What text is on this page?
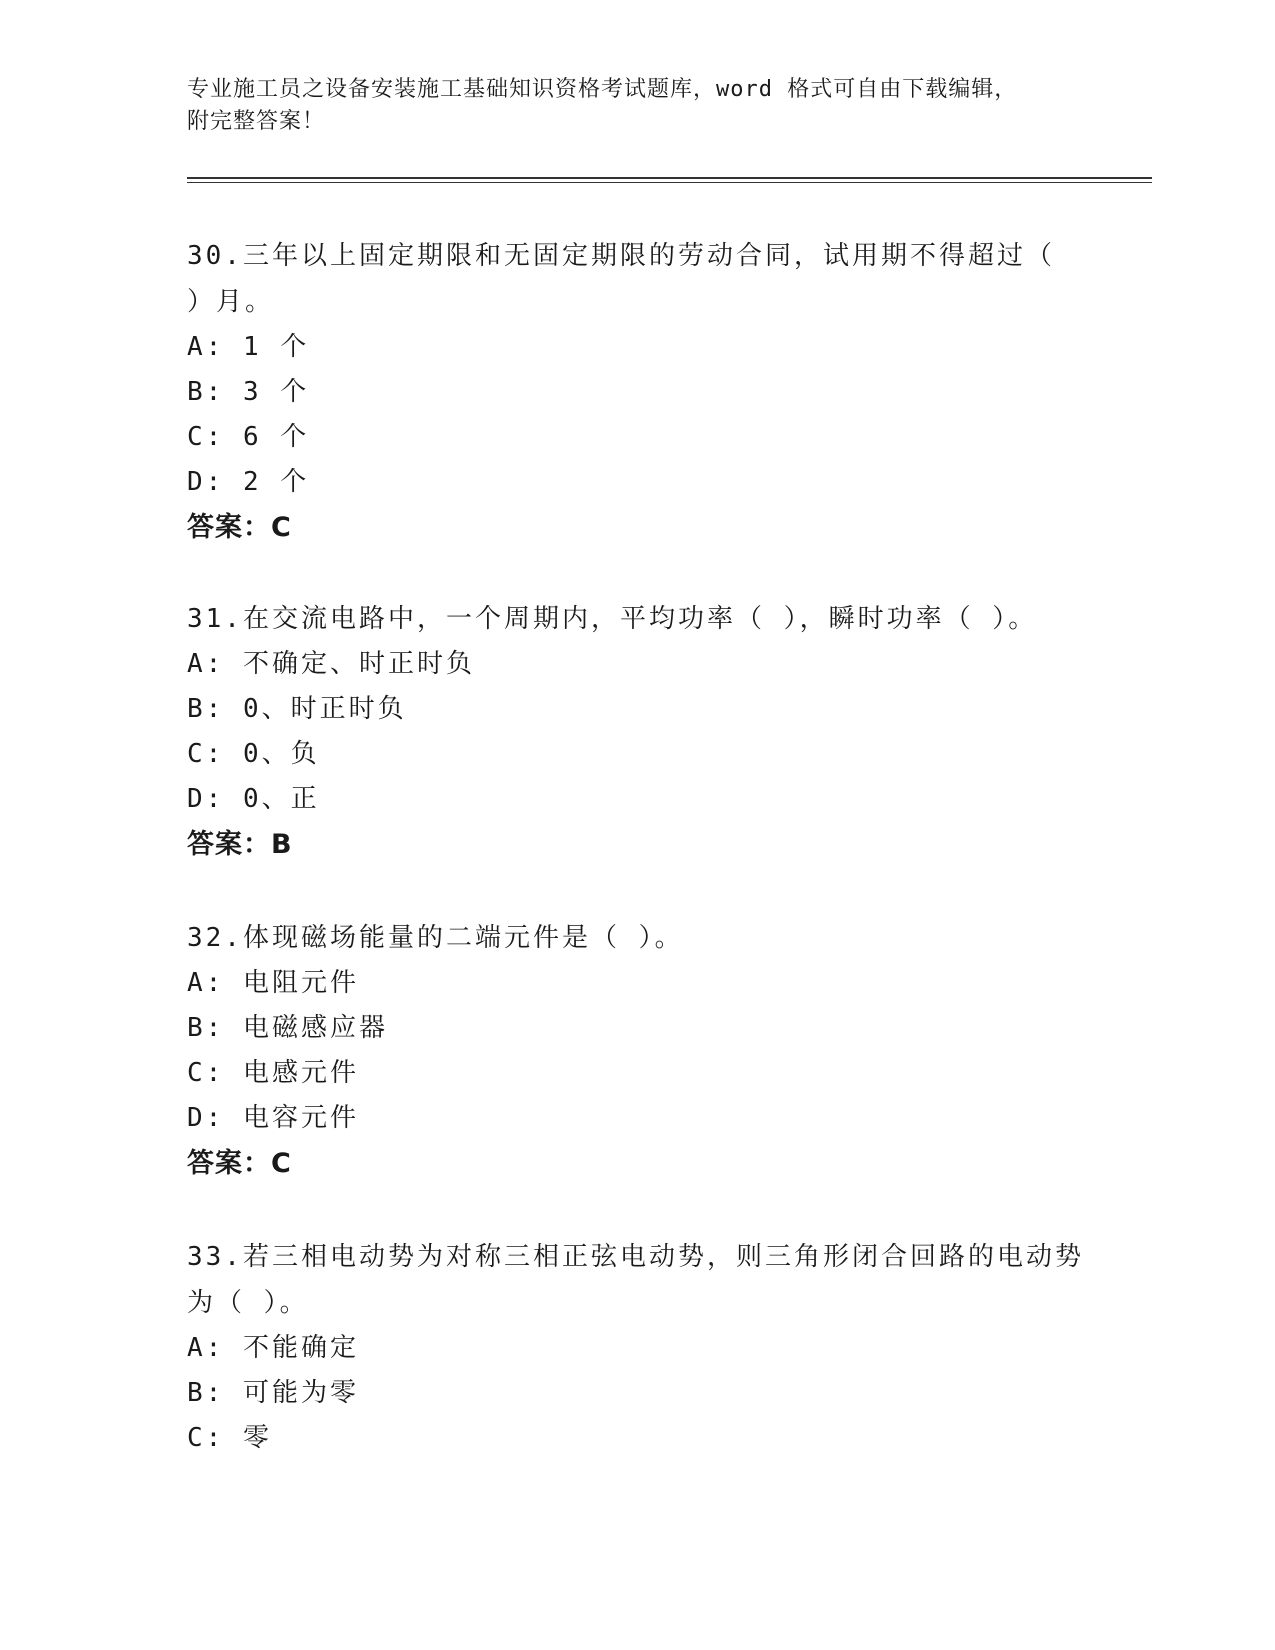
专业施工员之设备安装施工基础知识资格考试题库，word 格式可自由下载编辑，
附完整答案！
30.三年以上固定期限和无固定期限的劳动合同，试用期不得超过（
）月。
A: 1 个
B: 3 个
C: 6 个
D: 2 个
答案：C
31.在交流电路中，一个周期内，平均功率（ ），瞬时功率（ ）。
A: 不确定、时正时负
B: 0、时正时负
C: 0、负
D: 0、正
答案：B
32.体现磁场能量的二端元件是（ ）。
A: 电阻元件
B: 电磁感应器
C: 电感元件
D: 电容元件
答案：C
33.若三相电动势为对称三相正弦电动势，则三角形闭合回路的电动势
为（ ）。
A: 不能确定
B: 可能为零
C: 零
